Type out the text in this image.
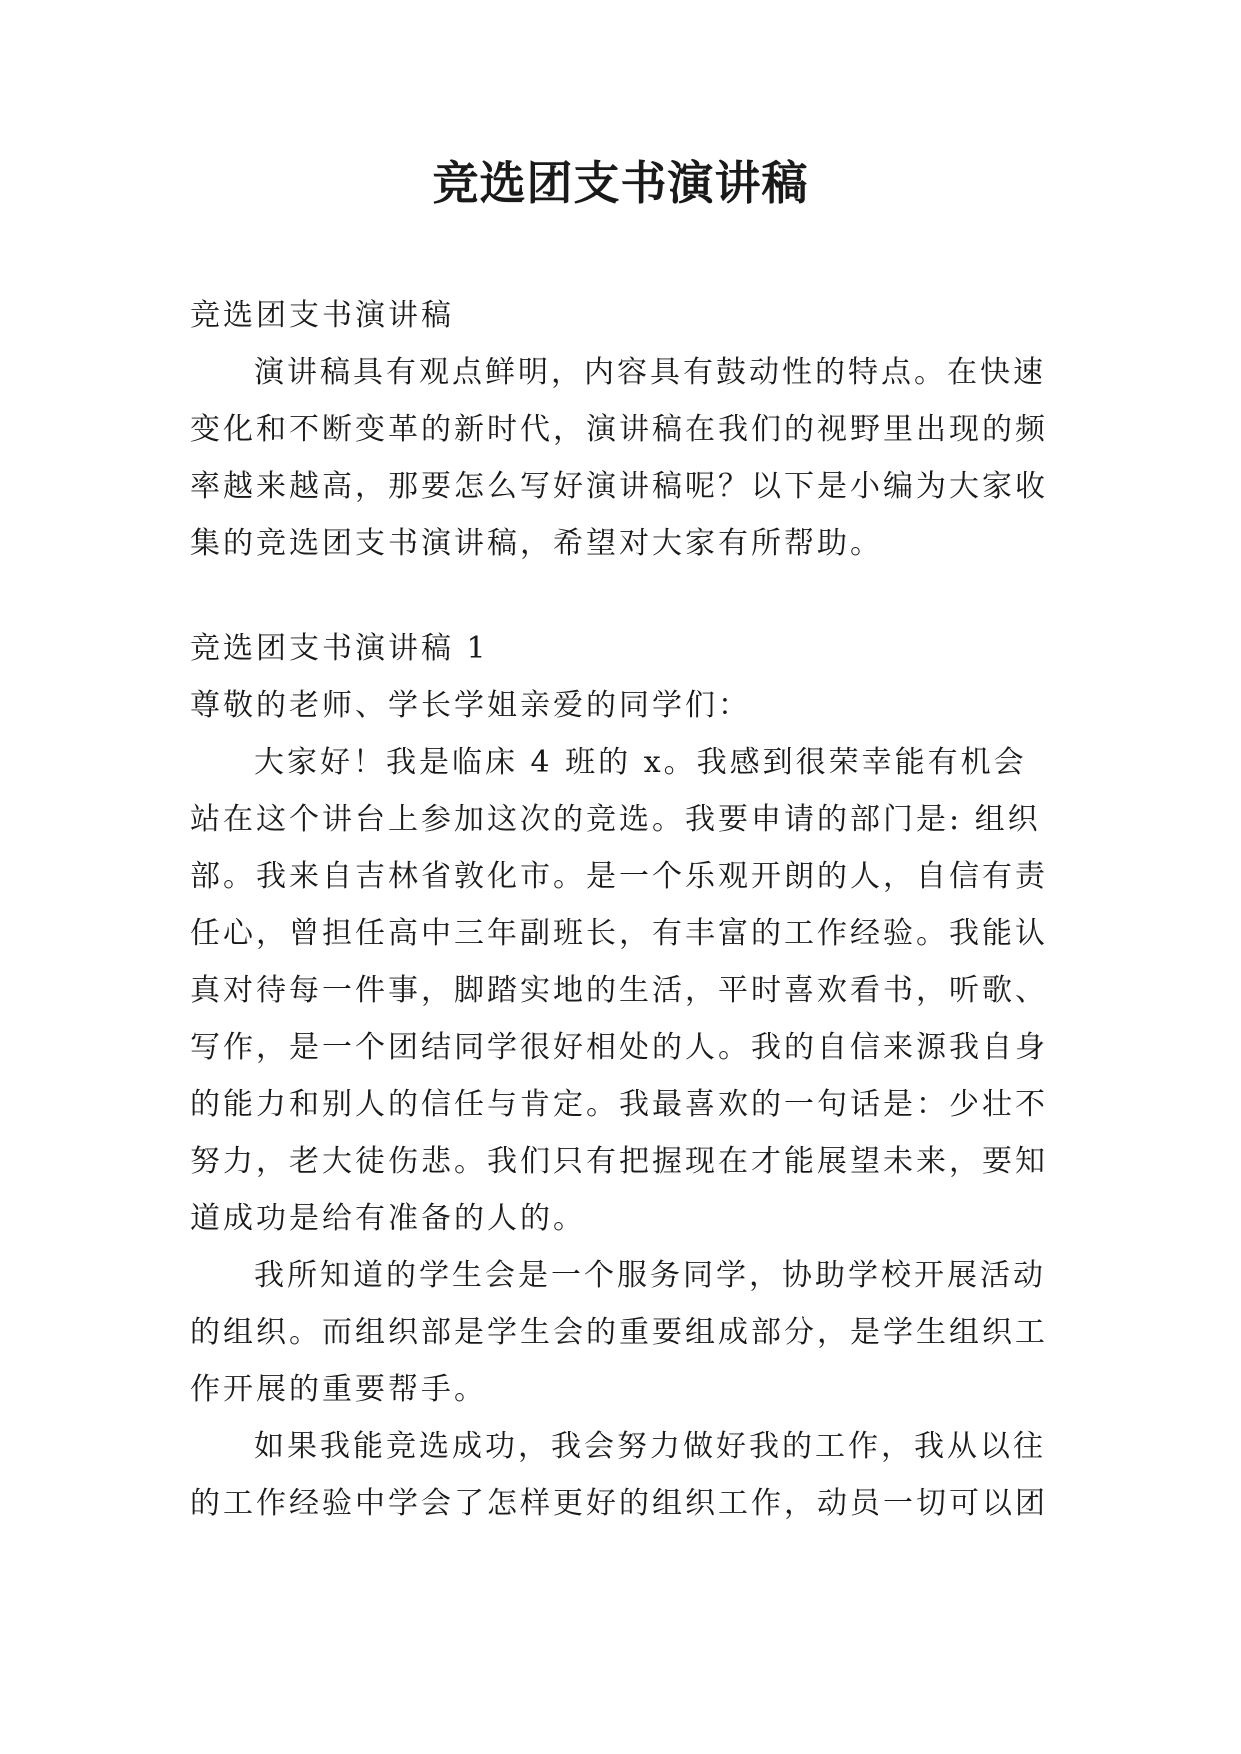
竞选团支书演讲稿

竞选团支书演讲稿

演讲稿具有观点鲜明，内容具有鼓动性的特点。在快速变化和不断变革的新时代，演讲稿在我们的视野里出现的频率越来越高，那要怎么写好演讲稿呢？以下是小编为大家收集的竞选团支书演讲稿，希望对大家有所帮助。

竞选团支书演讲稿 1

尊敬的老师、学长学姐亲爱的同学们：

大家好！我是临床 4 班的 x。我感到很荣幸能有机会站在这个讲台上参加这次的竞选。我要申请的部门是: 组织部。我来自吉林省敦化市。是一个乐观开朗的人，自信有责任心，曾担任高中三年副班长，有丰富的工作经验。我能认真对待每一件事，脚踏实地的生活，平时喜欢看书，听歌、写作，是一个团结同学很好相处的人。我的自信来源我自身的能力和别人的信任与肯定。我最喜欢的一句话是：少壮不努力，老大徒伤悲。我们只有把握现在才能展望未来，要知道成功是给有准备的人的。

我所知道的学生会是一个服务同学，协助学校开展活动的组织。而组织部是学生会的重要组成部分，是学生组织工作开展的重要帮手。

如果我能竞选成功，我会努力做好我的工作，我从以往的工作经验中学会了怎样更好的组织工作，动员一切可以团
